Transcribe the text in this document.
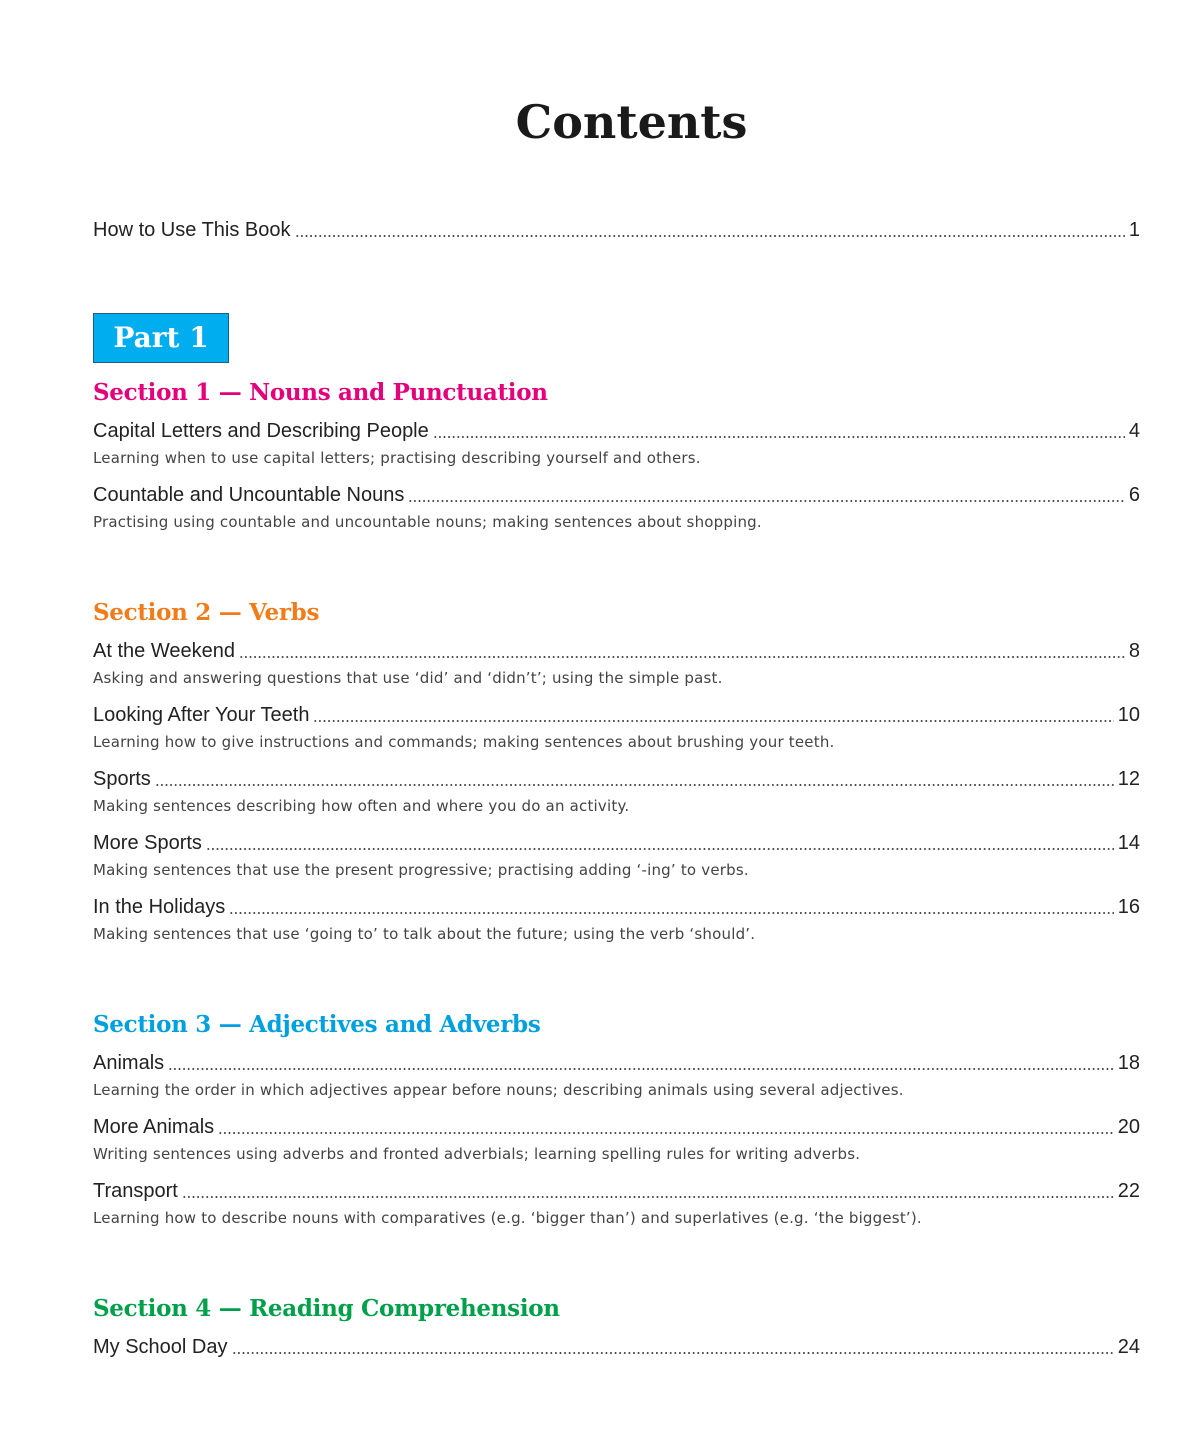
Contents
How to Use This Book	1
Part 1
Section 1 — Nouns and Punctuation
Capital Letters and Describing People	4
Learning when to use capital letters; practising describing yourself and others.
Countable and Uncountable Nouns	6
Practising using countable and uncountable nouns; making sentences about shopping.
Section 2 — Verbs
At the Weekend	8
Asking and answering questions that use ‘did’ and ‘didn’t’; using the simple past.
Looking After Your Teeth	10
Learning how to give instructions and commands; making sentences about brushing your teeth.
Sports	12
Making sentences describing how often and where you do an activity.
More Sports	14
Making sentences that use the present progressive; practising adding ‘-ing’ to verbs.
In the Holidays	16
Making sentences that use ‘going to’ to talk about the future; using the verb ‘should’.
Section 3 — Adjectives and Adverbs
Animals	18
Learning the order in which adjectives appear before nouns; describing animals using several adjectives.
More Animals	20
Writing sentences using adverbs and fronted adverbials; learning spelling rules for writing adverbs.
Transport	22
Learning how to describe nouns with comparatives (e.g. ‘bigger than’) and superlatives (e.g. ‘the biggest’).
Section 4 — Reading Comprehension
My School Day	24
